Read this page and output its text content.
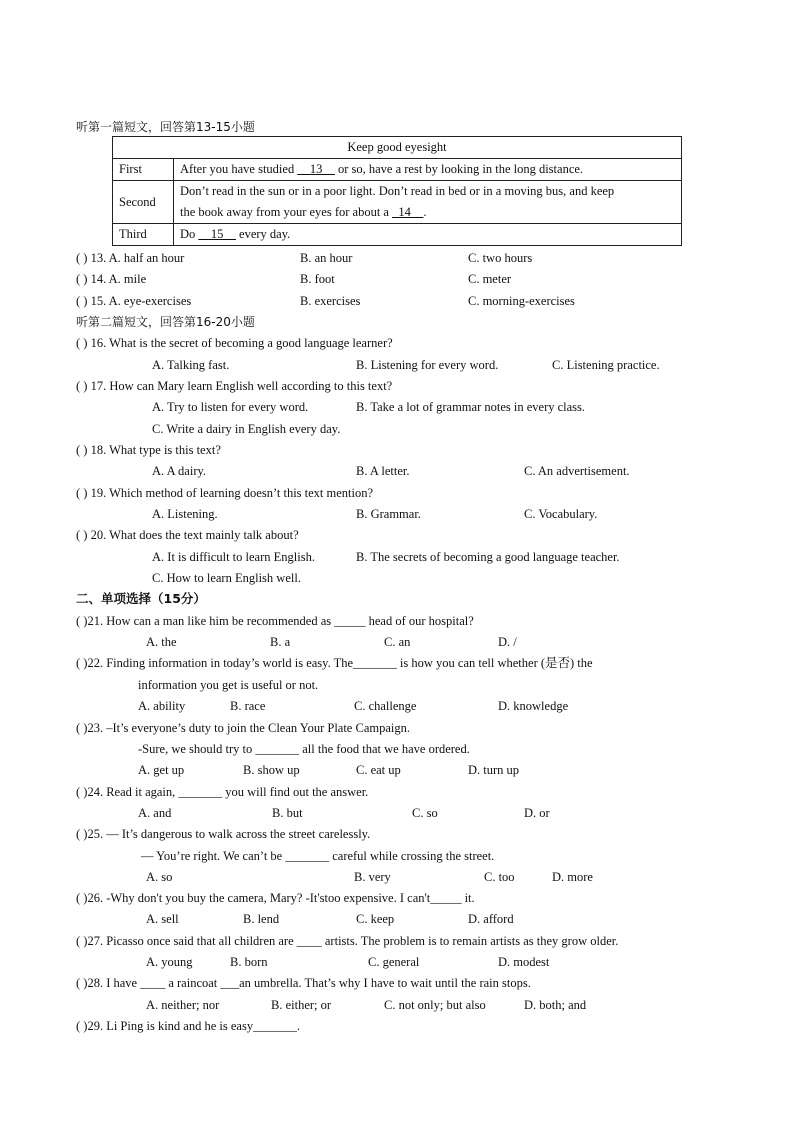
听第一篇短文，回答第13-15小题
Keep good eyesight	
First	After you have studied __13__ or so, have a rest by looking in the long distance.
Second	Don’t read in the sun or in a poor light. Don’t read in bed or in a moving bus, and keep
the book away from your eyes for about a _14__.
Third	Do __15__ every day.
( ) 13. A. half an hour	B. an hour	C. two hours
( ) 14. A. mile	B. foot	C. meter
( ) 15. A. eye-exercises	B. exercises	C. morning-exercises
听第二篇短文，回答第16-20小题
( ) 16. What is the secret of becoming a good language learner?
A. Talking fast.	B. Listening for every word.	C. Listening practice.
( ) 17. How can Mary learn English well according to this text?
A. Try to listen for every word.	B. Take a lot of grammar notes in every class.
C. Write a dairy in English every day.
( ) 18. What type is this text?
A. A dairy.	B. A letter.	C. An advertisement.
( ) 19. Which method of learning doesn’t this text mention?
A. Listening.	B. Grammar.	C. Vocabulary.
( ) 20. What does the text mainly talk about?
A. It is difficult to learn English.	B. The secrets of becoming a good language teacher.
C. How to learn English well.
二、单项选择（15分）
( )21. How can a man like him be recommended as _____ head of our hospital?
A. the	B. a	C. an	D. /
( )22. Finding information in today’s world is easy. The_______ is how you can tell whether (是否) the
information you get is useful or not.
A. ability	B. race	C. challenge	D. knowledge
( )23. –It’s everyone’s duty to join the Clean Your Plate Campaign.
-Sure, we should try to _______ all the food that we have ordered.
A. get up	B. show up	C. eat up	D. turn up
( )24. Read it again, _______ you will find out the answer.
A. and	B. but	C. so	D. or
( )25. — It’s dangerous to walk across the street carelessly.
— You’re right. We can’t be _______ careful while crossing the street.
A. so	B. very	C. too	D. more
( )26. -Why don't you buy the camera, Mary? -It'stoo expensive. I can't_____ it.
A. sell	B. lend	C. keep	D. afford
( )27. Picasso once said that all children are ____ artists. The problem is to remain artists as they grow older.
A. young	B. born	C. general	D. modest
( )28. I have ____ a raincoat ___an umbrella. That’s why I have to wait until the rain stops.
A. neither; nor	B. either; or	C. not only; but also	D. both; and
( )29. Li Ping is kind and he is easy_______.
